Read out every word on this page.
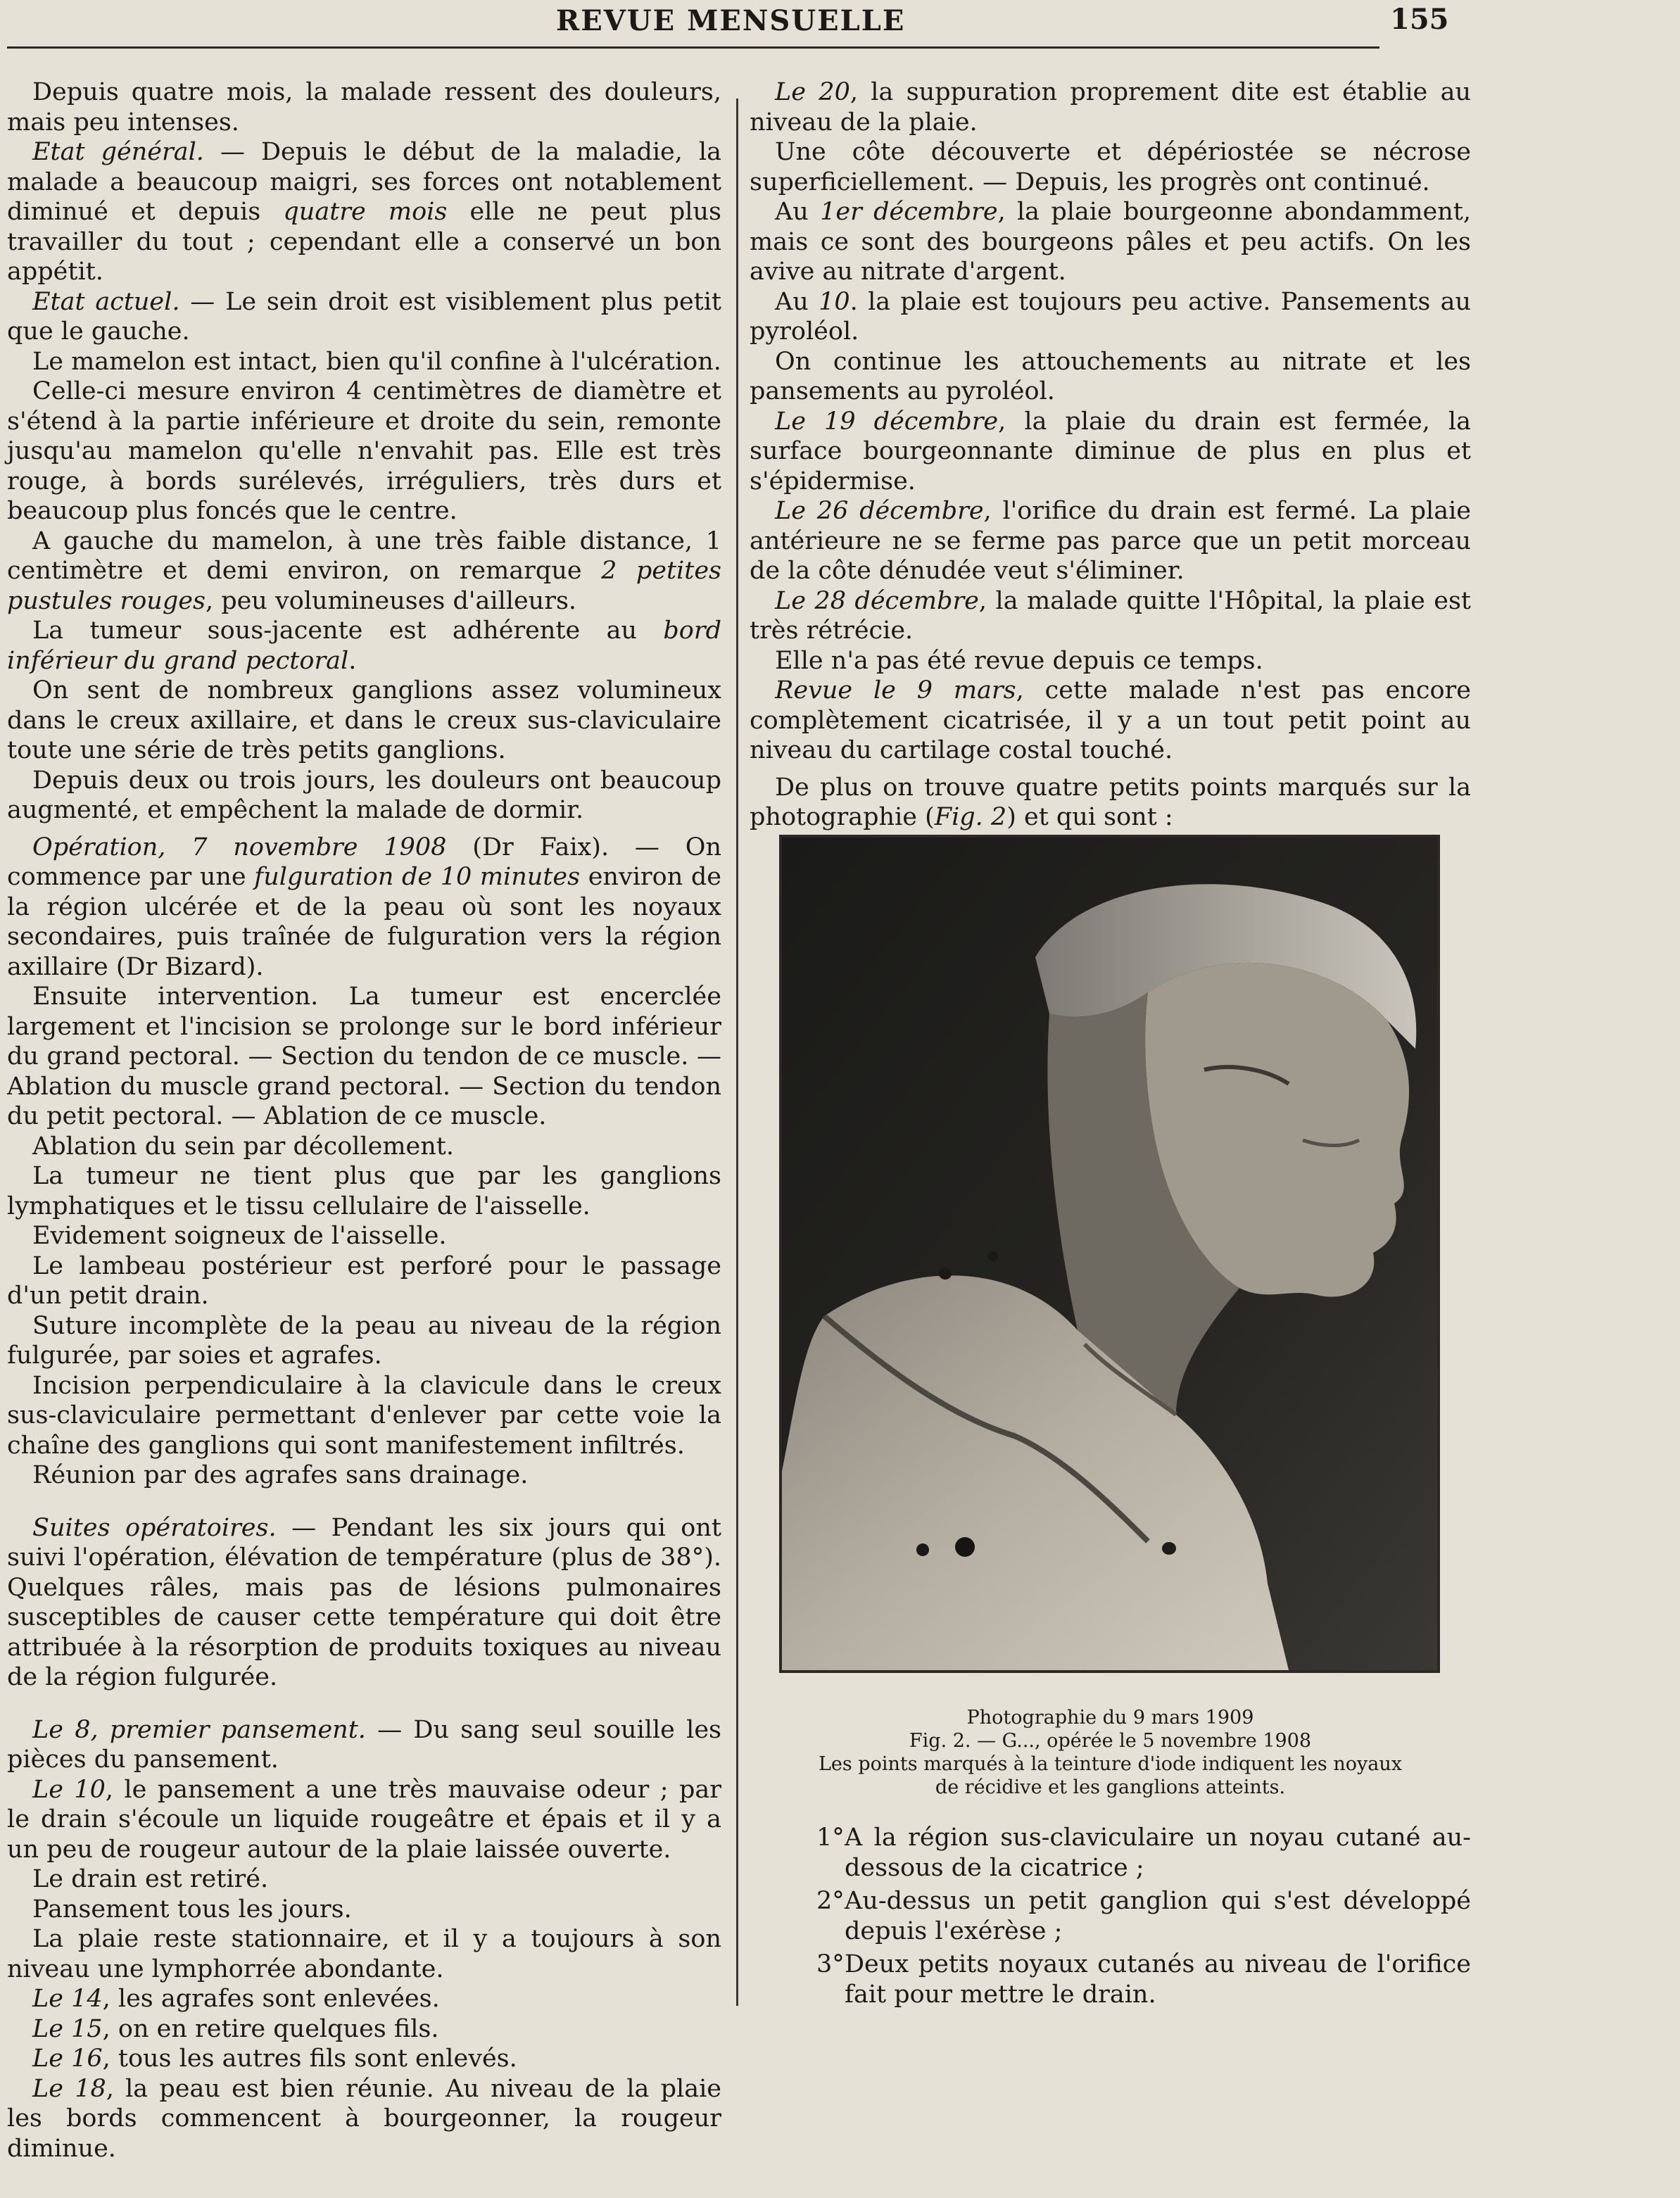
REVUE MENSUELLE	155

Depuis quatre mois, la malade ressent des douleurs, mais peu intenses.

Etat général. — Depuis le début de la maladie, la malade a beaucoup maigri, ses forces ont notablement diminué et depuis quatre mois elle ne peut plus travailler du tout ; cependant elle a conservé un bon appétit.

Etat actuel. — Le sein droit est visiblement plus petit que le gauche.

Le mamelon est intact, bien qu'il confine à l'ulcération.

Celle-ci mesure environ 4 centimètres de diamètre et s'étend à la partie inférieure et droite du sein, remonte jusqu'au mamelon qu'elle n'envahit pas. Elle est très rouge, à bords surélevés, irréguliers, très durs et beaucoup plus foncés que le centre.

A gauche du mamelon, à une très faible distance, 1 centimètre et demi environ, on remarque 2 petites pustules rouges, peu volumineuses d'ailleurs.

La tumeur sous-jacente est adhérente au bord inférieur du grand pectoral.

On sent de nombreux ganglions assez volumineux dans le creux axillaire, et dans le creux sus-claviculaire toute une série de très petits ganglions.

Depuis deux ou trois jours, les douleurs ont beaucoup augmenté, et empêchent la malade de dormir.

Opération, 7 novembre 1908 (Dr Faix). — On commence par une fulguration de 10 minutes environ de la région ulcérée et de la peau où sont les noyaux secondaires, puis traînée de fulguration vers la région axillaire (Dr Bizard).

Ensuite intervention. La tumeur est encerclée largement et l'incision se prolonge sur le bord inférieur du grand pectoral. — Section du tendon de ce muscle. — Ablation du muscle grand pectoral. — Section du tendon du petit pectoral. — Ablation de ce muscle.

Ablation du sein par décollement.

La tumeur ne tient plus que par les ganglions lymphatiques et le tissu cellulaire de l'aisselle.

Evidement soigneux de l'aisselle.

Le lambeau postérieur est perforé pour le passage d'un petit drain.

Suture incomplète de la peau au niveau de la région fulgurée, par soies et agrafes.

Incision perpendiculaire à la clavicule dans le creux sus-claviculaire permettant d'enlever par cette voie la chaîne des ganglions qui sont manifestement infiltrés.

Réunion par des agrafes sans drainage.

Suites opératoires. — Pendant les six jours qui ont suivi l'opération, élévation de température (plus de 38°). Quelques râles, mais pas de lésions pulmonaires susceptibles de causer cette température qui doit être attribuée à la résorption de produits toxiques au niveau de la région fulgurée.

Le 8, premier pansement. — Du sang seul souille les pièces du pansement.

Le 10, le pansement a une très mauvaise odeur ; par le drain s'écoule un liquide rougeâtre et épais et il y a un peu de rougeur autour de la plaie laissée ouverte.

Le drain est retiré.

Pansement tous les jours.

La plaie reste stationnaire, et il y a toujours à son niveau une lymphorrée abondante.

Le 14, les agrafes sont enlevées.

Le 15, on en retire quelques fils.

Le 16, tous les autres fils sont enlevés.

Le 18, la peau est bien réunie. Au niveau de la plaie les bords commencent à bourgeonner, la rougeur diminue.

Le 20, la suppuration proprement dite est établie au niveau de la plaie.

Une côte découverte et dépériostée se nécrose superficiellement. — Depuis, les progrès ont continué.

Au 1er décembre, la plaie bourgeonne abondamment, mais ce sont des bourgeons pâles et peu actifs. On les avive au nitrate d'argent.

Au 10. la plaie est toujours peu active. Pansements au pyroléol.

On continue les attouchements au nitrate et les pansements au pyroléol.

Le 19 décembre, la plaie du drain est fermée, la surface bourgeonnante diminue de plus en plus et s'épidermise.

Le 26 décembre, l'orifice du drain est fermé. La plaie antérieure ne se ferme pas parce que un petit morceau de la côte dénudée veut s'éliminer.

Le 28 décembre, la malade quitte l'Hôpital, la plaie est très rétrécie.

Elle n'a pas été revue depuis ce temps.

Revue le 9 mars, cette malade n'est pas encore complètement cicatrisée, il y a un tout petit point au niveau du cartilage costal touché.

De plus on trouve quatre petits points marqués sur la photographie (Fig. 2) et qui sont :

Photographie du 9 mars 1909
Fig. 2. — G..., opérée le 5 novembre 1908
Les points marqués à la teinture d'iode indiquent les noyaux
de récidive et les ganglions atteints.
1° A la région sus-claviculaire un noyau cutané au-dessous de la cicatrice ;
2° Au-dessus un petit ganglion qui s'est développé depuis l'exérèse ;
3° Deux petits noyaux cutanés au niveau de l'orifice fait pour mettre le drain.
